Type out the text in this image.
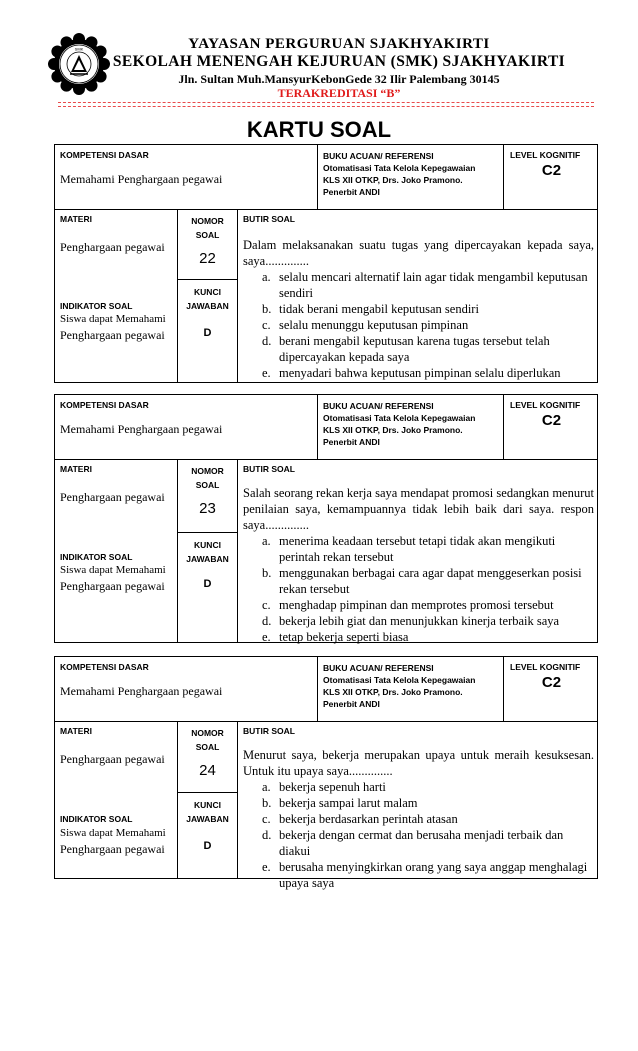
SMK	YAYASAN PERGURUAN SJAKHYAKIRTI
SEKOLAH MENENGAH KEJURUAN (SMK) SJAKHYAKIRTI
Jln. Sultan Muh.MansyurKebonGede 32 Ilir Palembang 30145
TERAKREDITASI “B”
KARTU SOAL
KOMPETENSI DASAR
Memahami Penghargaan pegawai
BUKU ACUAN/ REFERENSI
Otomatisasi Tata Kelola Kepegawaian
KLS XII OTKP, Drs. Joko Pramono.
Penerbit ANDI
LEVEL KOGNITIF
C2
MATERI
Penghargaan pegawai
INDIKATOR SOAL
Siswa dapat Memahami
Penghargaan pegawai
NOMOR
SOAL
22
KUNCI
JAWABAN
D
BUTIR SOAL
Dalam melaksanakan suatu tugas yang dipercayakan kepada saya, saya..............
a. selalu mencari alternatif lain agar tidak mengambil keputusan sendiri
b. tidak berani mengabil keputusan sendiri
c. selalu menunggu keputusan pimpinan
d. berani mengabil keputusan karena tugas tersebut telah dipercayakan kepada saya
e. menyadari bahwa keputusan pimpinan selalu diperlukan
KOMPETENSI DASAR
Memahami Penghargaan pegawai
BUKU ACUAN/ REFERENSI
Otomatisasi Tata Kelola Kepegawaian
KLS XII OTKP, Drs. Joko Pramono.
Penerbit ANDI
LEVEL KOGNITIF
C2
MATERI
Penghargaan pegawai
INDIKATOR SOAL
Siswa dapat Memahami
Penghargaan pegawai
NOMOR
SOAL
23
KUNCI
JAWABAN
D
BUTIR SOAL
Salah seorang rekan kerja saya mendapat promosi sedangkan menurut penilaian saya, kemampuannya tidak lebih baik dari saya. respon saya..............
a. menerima keadaan tersebut tetapi tidak akan mengikuti perintah rekan tersebut
b. menggunakan berbagai cara agar dapat menggeserkan posisi rekan tersebut
c. menghadap pimpinan dan memprotes promosi tersebut
d. bekerja lebih giat dan menunjukkan kinerja terbaik saya
e. tetap bekerja seperti biasa
KOMPETENSI DASAR
Memahami Penghargaan pegawai
BUKU ACUAN/ REFERENSI
Otomatisasi Tata Kelola Kepegawaian
KLS XII OTKP, Drs. Joko Pramono.
Penerbit ANDI
LEVEL KOGNITIF
C2
MATERI
Penghargaan pegawai
INDIKATOR SOAL
Siswa dapat Memahami
Penghargaan pegawai
NOMOR
SOAL
24
KUNCI
JAWABAN
D
BUTIR SOAL
Menurut saya, bekerja merupakan upaya untuk meraih kesuksesan. Untuk itu upaya saya..............
a. bekerja sepenuh harti
b. bekerja sampai larut malam
c. bekerja berdasarkan perintah atasan
d. bekerja dengan cermat dan berusaha menjadi terbaik dan diakui
e. berusaha menyingkirkan orang yang saya anggap menghalagi upaya saya
